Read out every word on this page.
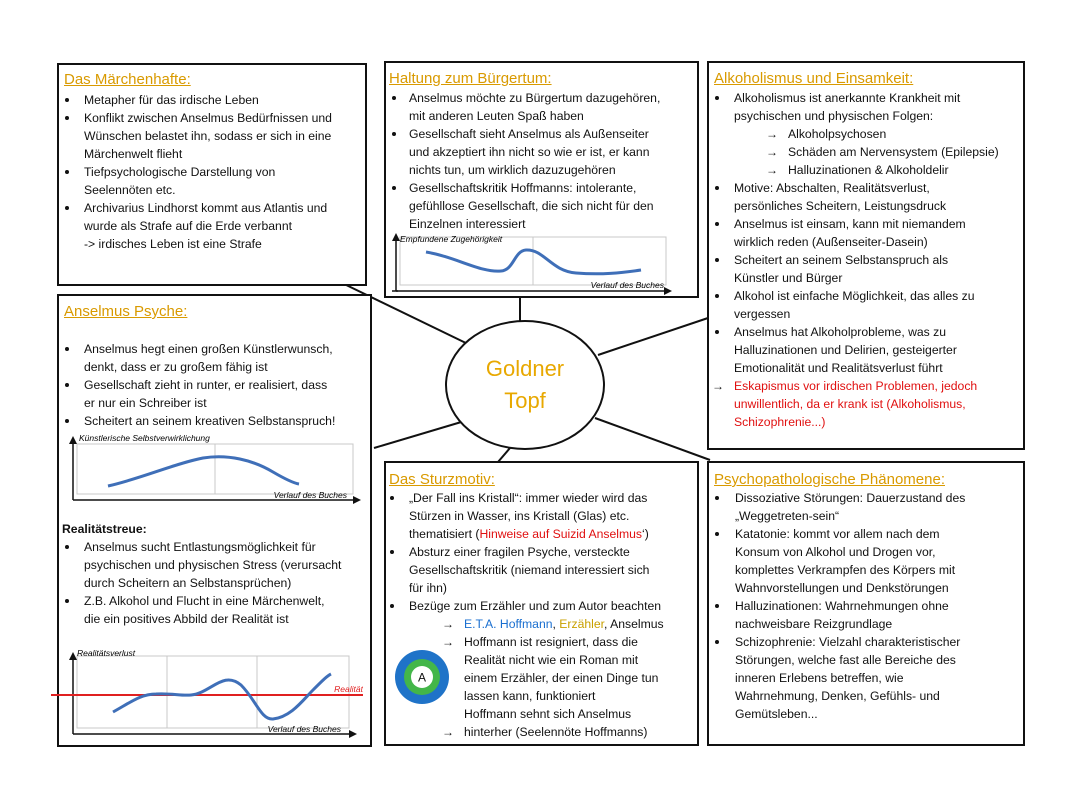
Das Märchenhafte:
Metapher für das irdische Leben
Konflikt zwischen Anselmus Bedürfnissen und
Wünschen belastet ihn, sodass er sich in eine
Märchenwelt flieht
Tiefpsychologische Darstellung von
Seelennöten etc.
Archivarius Lindhorst kommt aus Atlantis und
wurde als Strafe auf die Erde verbannt
-> irdisches Leben ist eine Strafe
Haltung zum Bürgertum:
Anselmus möchte zu Bürgertum dazugehören,
mit anderen Leuten Spaß haben
Gesellschaft sieht Anselmus als Außenseiter
und akzeptiert ihn nicht so wie er ist, er kann
nichts tun, um wirklich dazuzugehören
Gesellschaftskritik Hoffmanns: intolerante,
gefühllose Gesellschaft, die sich nicht für den
Einzelnen interessiert
Empfundene Zugehörigkeit
Verlauf des Buches
Alkoholismus und Einsamkeit:
Alkoholismus ist anerkannte Krankheit mit
psychischen und physischen Folgen:
→ Alkoholpsychosen
→ Schäden am Nervensystem (Epilepsie)
→ Halluzinationen & Alkoholdelir
Motive: Abschalten, Realitätsverlust,
persönliches Scheitern, Leistungsdruck
Anselmus ist einsam, kann mit niemandem
wirklich reden (Außenseiter-Dasein)
Scheitert an seinem Selbstanspruch als
Künstler und Bürger
Alkohol ist einfache Möglichkeit, das alles zu
vergessen
Anselmus hat Alkoholprobleme, was zu
Halluzinationen und Delirien, gesteigerter
Emotionalität und Realitätsverlust führt
→ Eskapismus vor irdischen Problemen, jedoch
unwillentlich, da er krank ist (Alkoholismus,
Schizophrenie...)
Anselmus Psyche:
Anselmus hegt einen großen Künstlerwunsch,
denkt, dass er zu großem fähig ist
Gesellschaft zieht in runter, er realisiert, dass
er nur ein Schreiber ist
Scheitert an seinem kreativen Selbstanspruch!
Künstlerische Selbstverwirklichung
Verlauf des Buches
Realitätstreue:
Anselmus sucht Entlastungsmöglichkeit für
psychischen und physischen Stress (verursacht
durch Scheitern an Selbstansprüchen)
Z.B. Alkohol und Flucht in eine Märchenwelt,
die ein positives Abbild der Realität ist
Realitätsverlust
Verlauf des Buches
Realität
Goldner
Topf
Das Sturzmotiv:
„Der Fall ins Kristall“: immer wieder wird das
Stürzen in Wasser, ins Kristall (Glas) etc.
thematisiert (Hinweise auf Suizid Anselmus‘)
Absturz einer fragilen Psyche, versteckte
Gesellschaftskritik (niemand interessiert sich
für ihn)
Bezüge zum Erzähler und zum Autor beachten
→ E.T.A. Hoffmann, Erzähler, Anselmus
→ Hoffmann ist resigniert, dass die
Realität nicht wie ein Roman mit
einem Erzähler, der einen Dinge tun
lassen kann, funktioniert
→
Hoffmann sehnt sich Anselmus
hinterher (Seelennöte Hoffmanns)
A
Psychopathologische Phänomene:
Dissoziative Störungen: Dauerzustand des
„Weggetreten-sein“
Katatonie: kommt vor allem nach dem
Konsum von Alkohol und Drogen vor,
komplettes Verkrampfen des Körpers mit
Wahnvorstellungen und Denkstörungen
Halluzinationen: Wahrnehmungen ohne
nachweisbare Reizgrundlage
Schizophrenie: Vielzahl charakteristischer
Störungen, welche fast alle Bereiche des
inneren Erlebens betreffen, wie
Wahrnehmung, Denken, Gefühls- und
Gemütsleben...
